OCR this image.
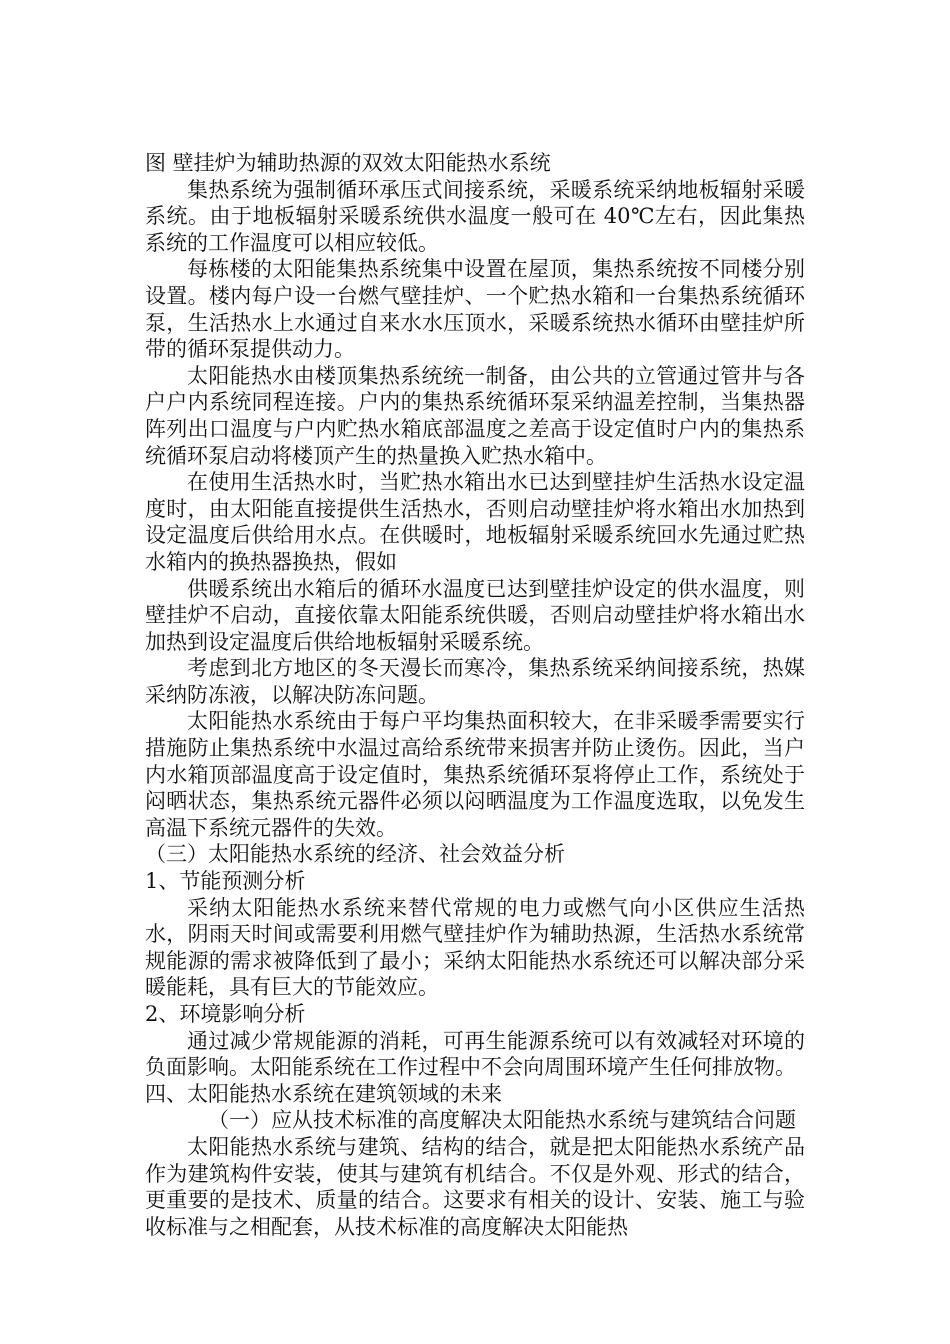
图 壁挂炉为辅助热源的双效太阳能热水系统

集热系统为强制循环承压式间接系统，采暖系统采纳地板辐射采暖系统。由于地板辐射采暖系统供水温度一般可在 40℃左右，因此集热系统的工作温度可以相应较低。

每栋楼的太阳能集热系统集中设置在屋顶，集热系统按不同楼分别设置。楼内每户设一台燃气壁挂炉、一个贮热水箱和一台集热系统循环泵，生活热水上水通过自来水水压顶水，采暖系统热水循环由壁挂炉所带的循环泵提供动力。

太阳能热水由楼顶集热系统统一制备，由公共的立管通过管井与各户户内系统同程连接。户内的集热系统循环泵采纳温差控制，当集热器阵列出口温度与户内贮热水箱底部温度之差高于设定值时户内的集热系统循环泵启动将楼顶产生的热量换入贮热水箱中。

在使用生活热水时，当贮热水箱出水已达到壁挂炉生活热水设定温度时，由太阳能直接提供生活热水，否则启动壁挂炉将水箱出水加热到设定温度后供给用水点。在供暖时，地板辐射采暖系统回水先通过贮热水箱内的换热器换热，假如

供暖系统出水箱后的循环水温度已达到壁挂炉设定的供水温度，则壁挂炉不启动，直接依靠太阳能系统供暖，否则启动壁挂炉将水箱出水加热到设定温度后供给地板辐射采暖系统。

考虑到北方地区的冬天漫长而寒冷，集热系统采纳间接系统，热媒采纳防冻液，以解决防冻问题。

太阳能热水系统由于每户平均集热面积较大，在非采暖季需要实行措施防止集热系统中水温过高给系统带来损害并防止烫伤。因此，当户内水箱顶部温度高于设定值时，集热系统循环泵将停止工作，系统处于闷晒状态，集热系统元器件必须以闷晒温度为工作温度选取，以免发生高温下系统元器件的失效。

（三）太阳能热水系统的经济、社会效益分析

1、节能预测分析

采纳太阳能热水系统来替代常规的电力或燃气向小区供应生活热水，阴雨天时间或需要利用燃气壁挂炉作为辅助热源，生活热水系统常规能源的需求被降低到了最小；采纳太阳能热水系统还可以解决部分采暖能耗，具有巨大的节能效应。

2、环境影响分析

通过减少常规能源的消耗，可再生能源系统可以有效减轻对环境的负面影响。太阳能系统在工作过程中不会向周围环境产生任何排放物。

四、太阳能热水系统在建筑领域的未来

（一）应从技术标准的高度解决太阳能热水系统与建筑结合问题

太阳能热水系统与建筑、结构的结合，就是把太阳能热水系统产品作为建筑构件安装，使其与建筑有机结合。不仅是外观、形式的结合，更重要的是技术、质量的结合。这要求有相关的设计、安装、施工与验收标准与之相配套，从技术标准的高度解决太阳能热
